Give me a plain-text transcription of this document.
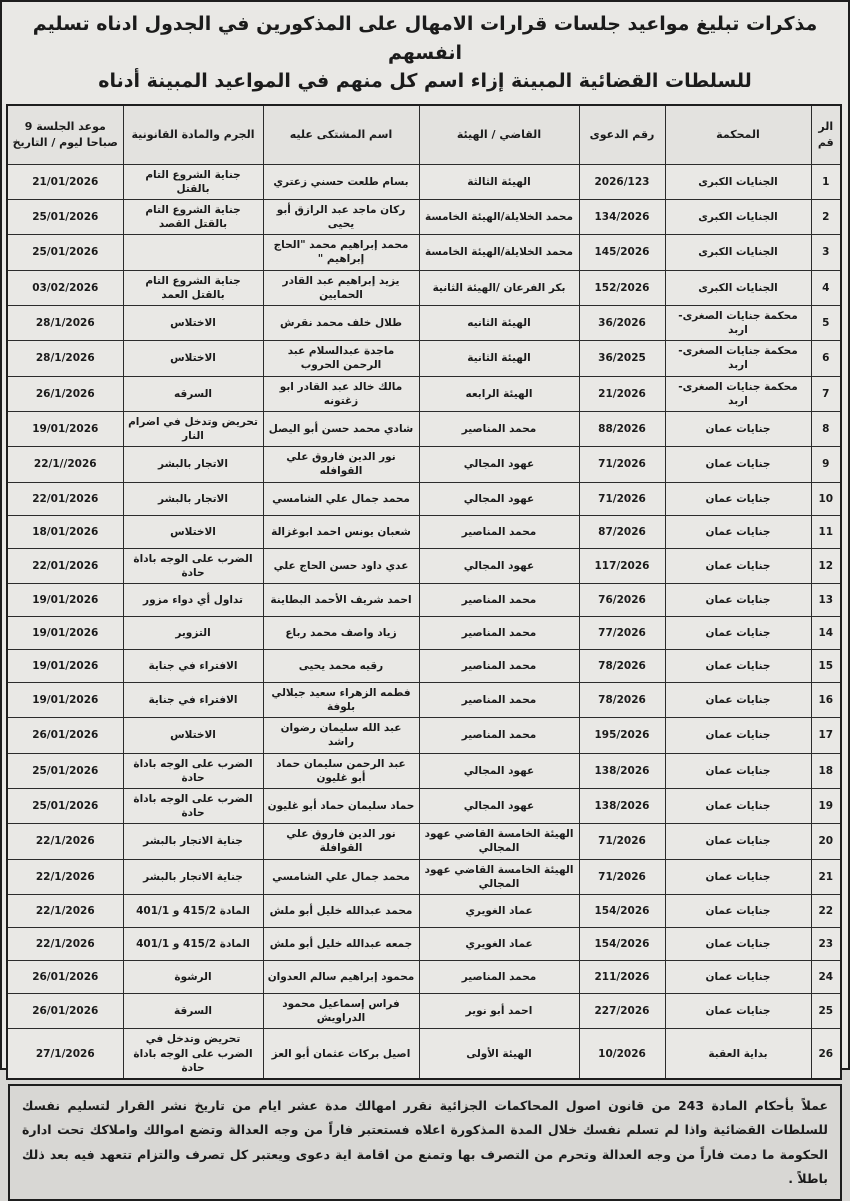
مذكرات تبليغ مواعيد جلسات قرارات الامهال على المذكورين في الجدول ادناه تسليم انفسهم
للسلطات القضائية المبينة إزاء اسم كل منهم في المواعيد المبينة أدناه
الرقم	المحكمة	رقم الدعوى	القاضي / الهيئة	اسم المشتكى عليه	الجرم والمادة القانونية	موعد الجلسة 9 صباحا ليوم / التاريخ
1	الجنايات الكبرى	2026/123	الهيئة الثالثة	بسام طلعت حسني زعتري	جناية الشروع التام بالقتل	21/01/2026
2	الجنايات الكبرى	134/2026	محمد الخلايلة/الهيئة الخامسة	ركان ماجد عبد الرازق أبو يحيى	جناية الشروع التام بالقتل القصد	25/01/2026
3	الجنايات الكبرى	145/2026	محمد الخلايلة/الهيئة الخامسة	محمد إبراهيم محمد "الحاج إبراهيم "		25/01/2026
4	الجنايات الكبرى	152/2026	بكر الفرعان /الهيئة الثانية	يزيد إبراهيم عبد القادر الحمايين	جناية الشروع التام بالقتل العمد	03/02/2026
5	محكمة جنايات الصغرى- اربد	36/2026	الهيئة الثانيه	طلال خلف محمد نقرش	الاختلاس	28/1/2026
6	محكمة جنايات الصغرى- اربد	36/2025	الهيئة الثانية	ماجدة عبدالسلام عبد الرحمن الحروب	الاختلاس	28/1/2026
7	محكمة جنايات الصغرى- اربد	21/2026	الهيئة الرابعه	مالك خالد عبد القادر ابو زغتونه	السرقه	26/1/2026
8	جنايات عمان	88/2026	محمد المناصير	شادي محمد حسن أبو اليصل	تحريض وتدخل في اضرام النار	19/01/2026
9	جنايات عمان	71/2026	عهود المجالي	نور الدين فاروق علي القوافله	الاتجار بالبشر	22/1//2026
10	جنايات عمان	71/2026	عهود المجالي	محمد جمال علي الشامسي	الاتجار بالبشر	22/01/2026
11	جنايات عمان	87/2026	محمد المناصير	شعبان يونس احمد ابوغزالة	الاختلاس	18/01/2026
12	جنايات عمان	117/2026	عهود المجالي	عدي داود حسن الحاج علي	الضرب على الوجه باداة حادة	22/01/2026
13	جنايات عمان	76/2026	محمد المناصير	احمد شريف الأحمد البطاينة	تداول أي دواء مزور	19/01/2026
14	جنايات عمان	77/2026	محمد المناصير	زياد واصف محمد رباع	التزوير	19/01/2026
15	جنايات عمان	78/2026	محمد المناصير	رقيه محمد يحيى	الافتراء في جناية	19/01/2026
16	جنايات عمان	78/2026	محمد المناصير	فطمه الزهراء سعيد جيلالي بلوفة	الافتراء في جناية	19/01/2026
17	جنايات عمان	195/2026	محمد المناصير	عبد الله سليمان رضوان راشد	الاختلاس	26/01/2026
18	جنايات عمان	138/2026	عهود المجالي	عبد الرحمن سليمان حماد أبو غليون	الضرب على الوجه باداة حادة	25/01/2026
19	جنايات عمان	138/2026	عهود المجالي	حماد سليمان حماد أبو غليون	الضرب على الوجه باداة حادة	25/01/2026
20	جنايات عمان	71/2026	الهيئة الخامسة القاضي عهود المجالي	نور الدين فاروق علي القوافلة	جناية الاتجار بالبشر	22/1/2026
21	جنايات عمان	71/2026	الهيئة الخامسة القاضي عهود المجالي	محمد جمال علي الشامسي	جناية الاتجار بالبشر	22/1/2026
22	جنايات عمان	154/2026	عماد الغويري	محمد عبدالله خليل أبو ملش	المادة 415/2 و 401/1	22/1/2026
23	جنايات عمان	154/2026	عماد الغويري	جمعه عبدالله خليل أبو ملش	المادة 415/2 و 401/1	22/1/2026
24	جنايات عمان	211/2026	محمد المناصير	محمود إبراهيم سالم العدوان	الرشوة	26/01/2026
25	جنايات عمان	227/2026	احمد أبو نوير	فراس إسماعيل محمود الدراويش	السرقة	26/01/2026
26	بداية العقبة	10/2026	الهيئة الأولى	اصيل بركات عثمان أبو العز	تحريض وتدخل في الضرب على الوجه باداة حادة	27/1/2026
عملاً بأحكام المادة 243 من قانون اصول المحاكمات الجزائية نقرر امهالك مدة عشر ايام من تاريخ نشر القرار لتسليم نفسك للسلطات القضائية واذا لم تسلم نفسك خلال المدة المذكورة اعلاه فستعتبر فاراً من وجه العدالة وتضع اموالك واملاكك تحت ادارة الحكومة ما دمت فاراً من وجه العدالة وتحرم من التصرف بها وتمنع من اقامة اية دعوى ويعتبر كل تصرف والتزام تتعهد فيه بعد ذلك باطلاً .
